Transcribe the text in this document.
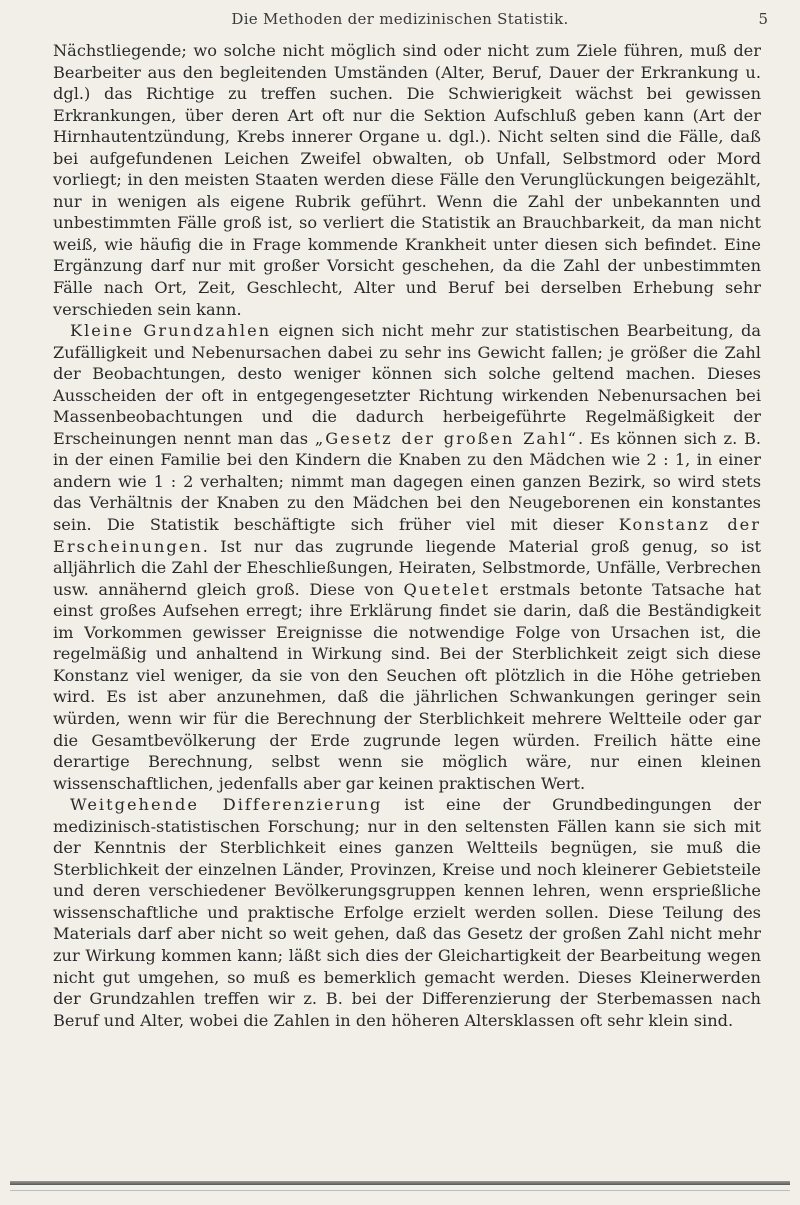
Die Methoden der medizinischen Statistik.	5

Nächstliegende; wo solche nicht möglich sind oder nicht zum Ziele führen, muß der Bearbeiter aus den begleitenden Umständen (Alter, Beruf, Dauer der Erkrankung u. dgl.) das Richtige zu treffen suchen. Die Schwierigkeit wächst bei gewissen Erkrankungen, über deren Art oft nur die Sektion Aufschluß geben kann (Art der Hirnhautentzündung, Krebs innerer Organe u. dgl.). Nicht selten sind die Fälle, daß bei aufgefundenen Leichen Zweifel obwalten, ob Unfall, Selbstmord oder Mord vorliegt; in den meisten Staaten werden diese Fälle den Verunglückungen beigezählt, nur in wenigen als eigene Rubrik geführt. Wenn die Zahl der unbekannten und unbestimmten Fälle groß ist, so verliert die Statistik an Brauchbarkeit, da man nicht weiß, wie häufig die in Frage kommende Krankheit unter diesen sich befindet. Eine Ergänzung darf nur mit großer Vorsicht geschehen, da die Zahl der unbestimmten Fälle nach Ort, Zeit, Geschlecht, Alter und Beruf bei derselben Erhebung sehr verschieden sein kann.

Kleine Grundzahlen eignen sich nicht mehr zur statistischen Bearbeitung, da Zufälligkeit und Nebenursachen dabei zu sehr ins Gewicht fallen; je größer die Zahl der Beobachtungen, desto weniger können sich solche geltend machen. Dieses Ausscheiden der oft in entgegengesetzter Richtung wirkenden Nebenursachen bei Massenbeobachtungen und die dadurch herbeigeführte Regelmäßigkeit der Erscheinungen nennt man das „Gesetz der großen Zahl“. Es können sich z. B. in der einen Familie bei den Kindern die Knaben zu den Mädchen wie 2 : 1, in einer andern wie 1 : 2 verhalten; nimmt man dagegen einen ganzen Bezirk, so wird stets das Verhältnis der Knaben zu den Mädchen bei den Neugeborenen ein konstantes sein. Die Statistik beschäftigte sich früher viel mit dieser Konstanz der Erscheinungen. Ist nur das zugrunde liegende Material groß genug, so ist alljährlich die Zahl der Eheschließungen, Heiraten, Selbstmorde, Unfälle, Verbrechen usw. annähernd gleich groß. Diese von Quetelet erstmals betonte Tatsache hat einst großes Aufsehen erregt; ihre Erklärung findet sie darin, daß die Beständigkeit im Vorkommen gewisser Ereignisse die notwendige Folge von Ursachen ist, die regelmäßig und anhaltend in Wirkung sind. Bei der Sterblichkeit zeigt sich diese Konstanz viel weniger, da sie von den Seuchen oft plötzlich in die Höhe getrieben wird. Es ist aber anzunehmen, daß die jährlichen Schwankungen geringer sein würden, wenn wir für die Berechnung der Sterblichkeit mehrere Weltteile oder gar die Gesamtbevölkerung der Erde zugrunde legen würden. Freilich hätte eine derartige Berechnung, selbst wenn sie möglich wäre, nur einen kleinen wissenschaftlichen, jedenfalls aber gar keinen praktischen Wert.

Weitgehende Differenzierung ist eine der Grundbedingungen der medizinisch-statistischen Forschung; nur in den seltensten Fällen kann sie sich mit der Kenntnis der Sterblichkeit eines ganzen Weltteils begnügen, sie muß die Sterblichkeit der einzelnen Länder, Provinzen, Kreise und noch kleinerer Gebietsteile und deren verschiedener Bevölkerungsgruppen kennen lehren, wenn ersprießliche wissenschaftliche und praktische Erfolge erzielt werden sollen. Diese Teilung des Materials darf aber nicht so weit gehen, daß das Gesetz der großen Zahl nicht mehr zur Wirkung kommen kann; läßt sich dies der Gleichartigkeit der Bearbeitung wegen nicht gut umgehen, so muß es bemerklich gemacht werden. Dieses Kleinerwerden der Grundzahlen treffen wir z. B. bei der Differenzierung der Sterbemassen nach Beruf und Alter, wobei die Zahlen in den höheren Altersklassen oft sehr klein sind.
